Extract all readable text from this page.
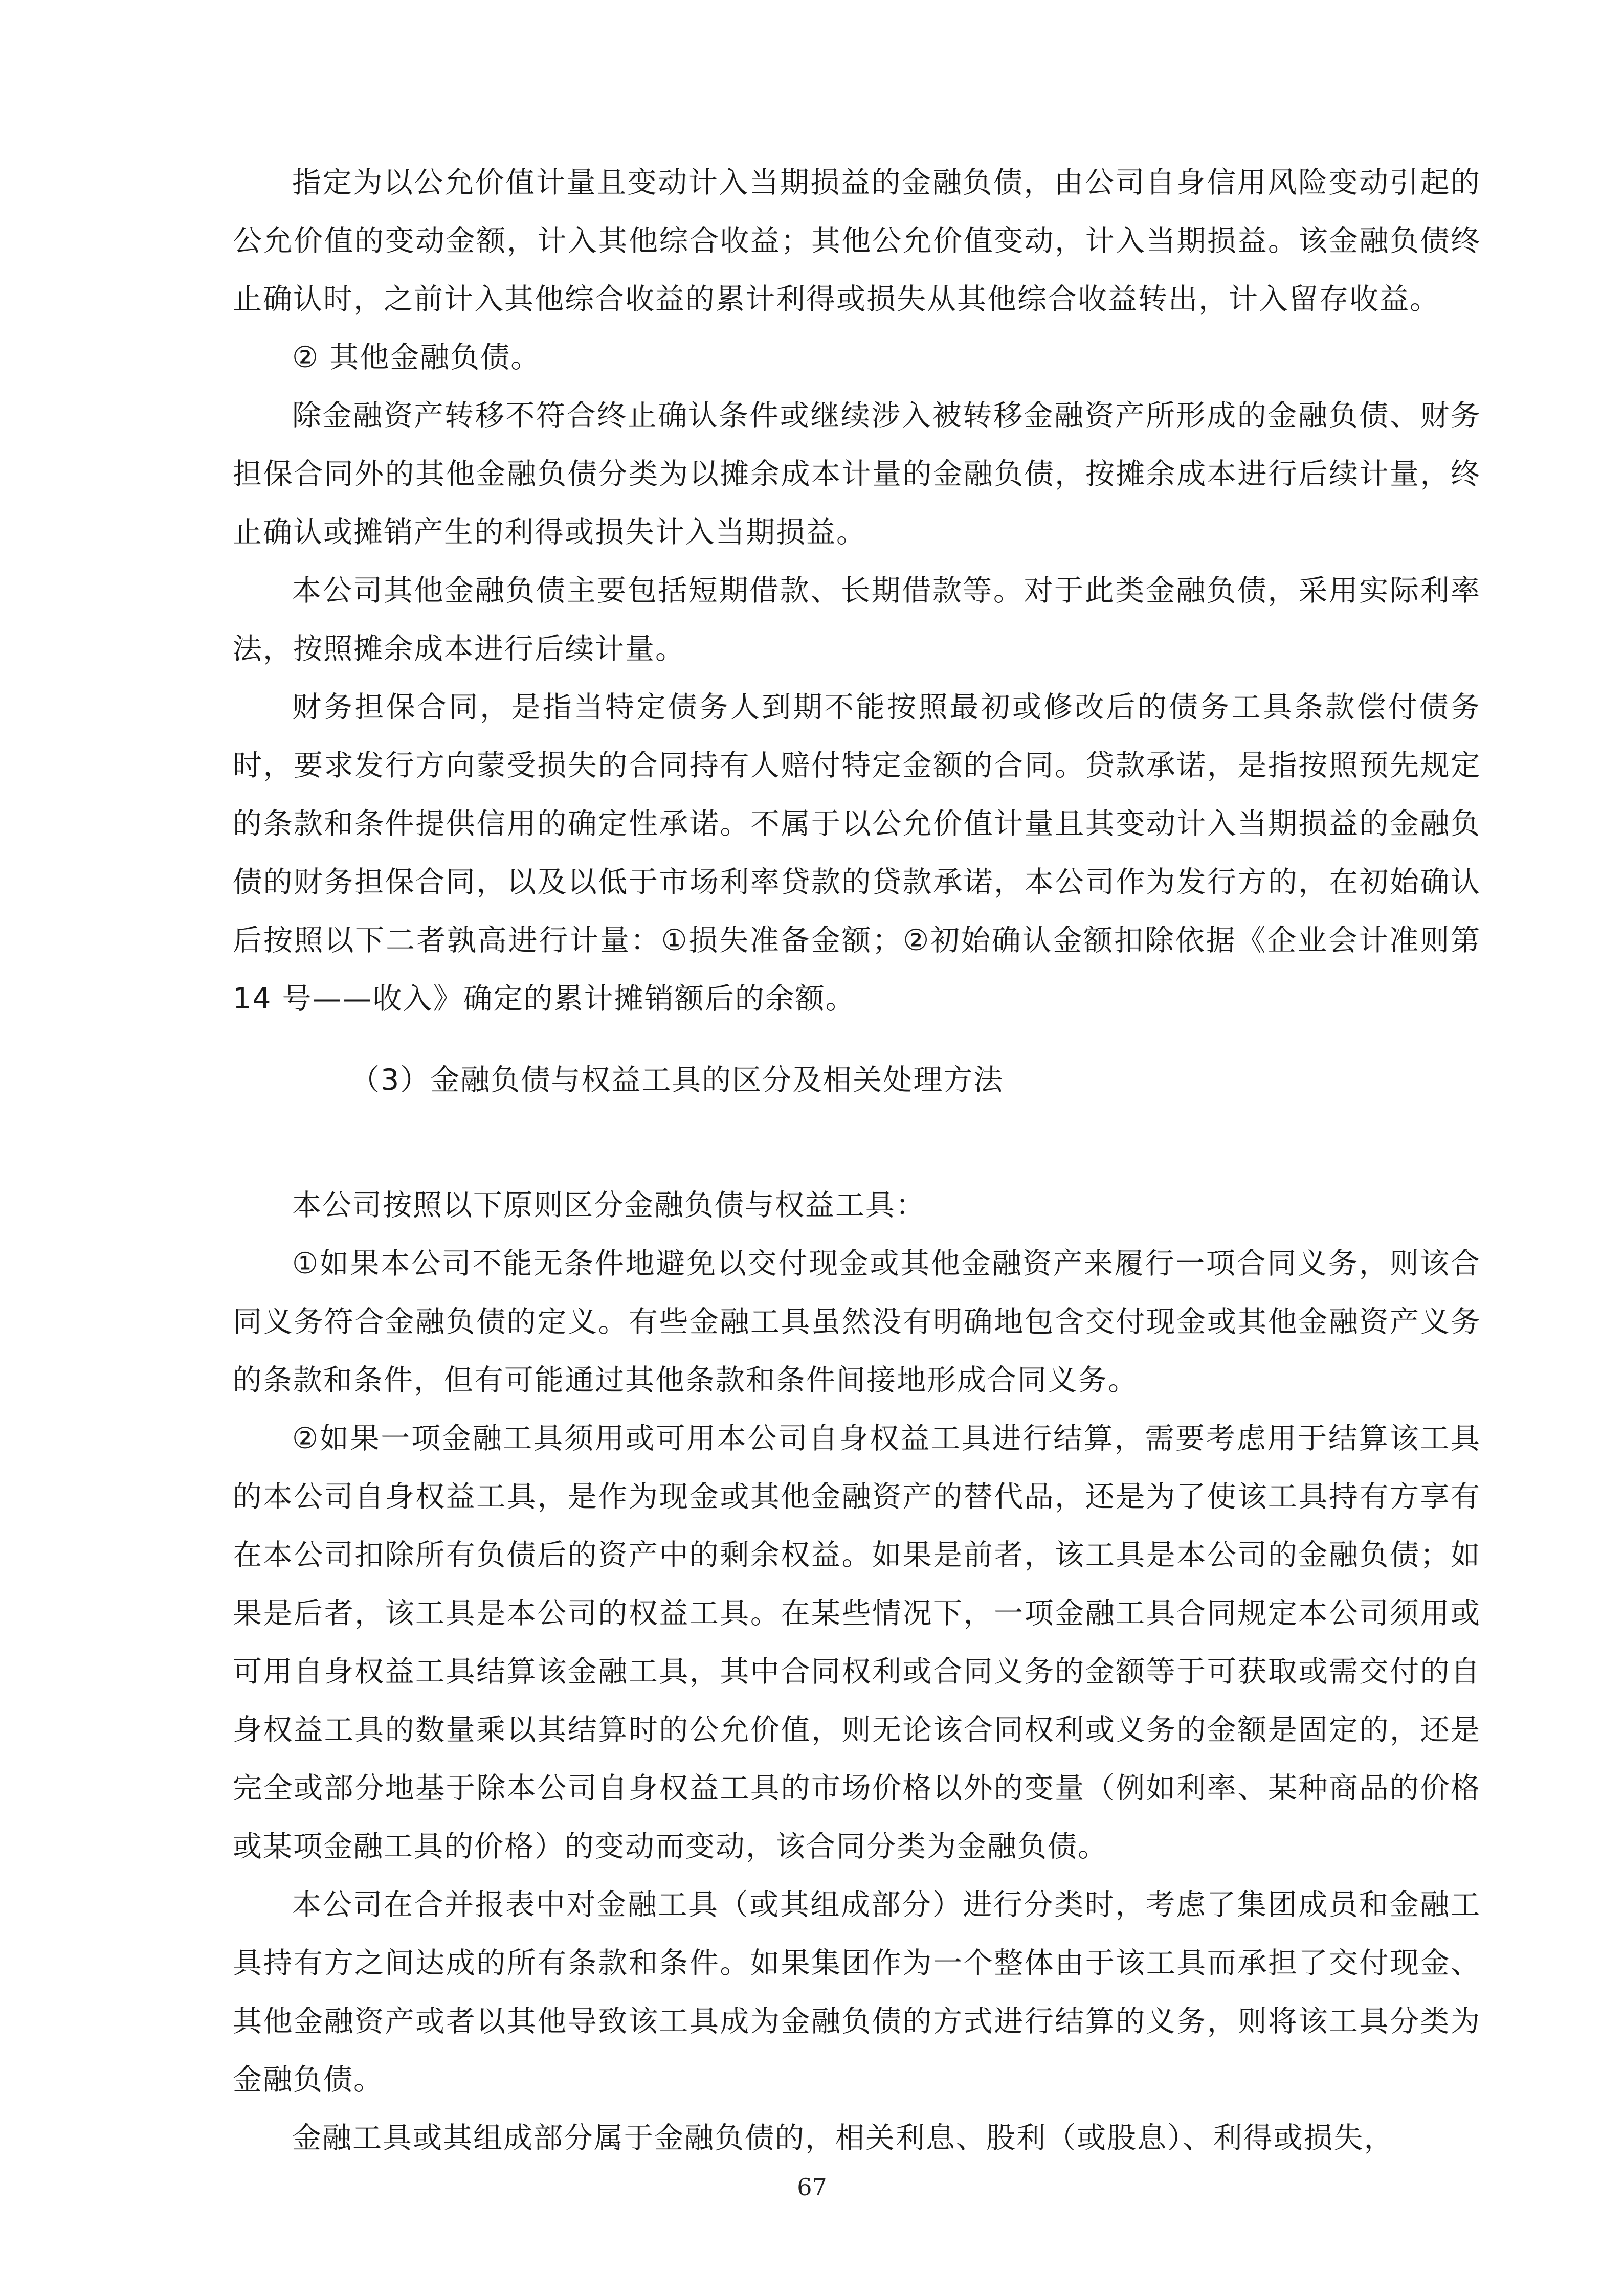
指定为以公允价值计量且变动计入当期损益的金融负债，由公司自身信用风险变动引起的公允价值的变动金额，计入其他综合收益；其他公允价值变动，计入当期损益。该金融负债终止确认时，之前计入其他综合收益的累计利得或损失从其他综合收益转出，计入留存收益。

② 其他金融负债。

除金融资产转移不符合终止确认条件或继续涉入被转移金融资产所形成的金融负债、财务担保合同外的其他金融负债分类为以摊余成本计量的金融负债，按摊余成本进行后续计量，终止确认或摊销产生的利得或损失计入当期损益。

本公司其他金融负债主要包括短期借款、长期借款等。对于此类金融负债，采用实际利率法，按照摊余成本进行后续计量。

财务担保合同，是指当特定债务人到期不能按照最初或修改后的债务工具条款偿付债务时，要求发行方向蒙受损失的合同持有人赔付特定金额的合同。贷款承诺，是指按照预先规定的条款和条件提供信用的确定性承诺。不属于以公允价值计量且其变动计入当期损益的金融负债的财务担保合同，以及以低于市场利率贷款的贷款承诺，本公司作为发行方的，在初始确认后按照以下二者孰高进行计量：①损失准备金额；②初始确认金额扣除依据《企业会计准则第 14 号——收入》确定的累计摊销额后的余额。

（3）金融负债与权益工具的区分及相关处理方法

本公司按照以下原则区分金融负债与权益工具：

①如果本公司不能无条件地避免以交付现金或其他金融资产来履行一项合同义务，则该合同义务符合金融负债的定义。有些金融工具虽然没有明确地包含交付现金或其他金融资产义务的条款和条件，但有可能通过其他条款和条件间接地形成合同义务。

②如果一项金融工具须用或可用本公司自身权益工具进行结算，需要考虑用于结算该工具的本公司自身权益工具，是作为现金或其他金融资产的替代品，还是为了使该工具持有方享有在本公司扣除所有负债后的资产中的剩余权益。如果是前者，该工具是本公司的金融负债；如果是后者，该工具是本公司的权益工具。在某些情况下，一项金融工具合同规定本公司须用或可用自身权益工具结算该金融工具，其中合同权利或合同义务的金额等于可获取或需交付的自身权益工具的数量乘以其结算时的公允价值，则无论该合同权利或义务的金额是固定的，还是完全或部分地基于除本公司自身权益工具的市场价格以外的变量（例如利率、某种商品的价格或某项金融工具的价格）的变动而变动，该合同分类为金融负债。

本公司在合并报表中对金融工具（或其组成部分）进行分类时，考虑了集团成员和金融工具持有方之间达成的所有条款和条件。如果集团作为一个整体由于该工具而承担了交付现金、其他金融资产或者以其他导致该工具成为金融负债的方式进行结算的义务，则将该工具分类为金融负债。

金融工具或其组成部分属于金融负债的，相关利息、股利（或股息）、利得或损失，

67
